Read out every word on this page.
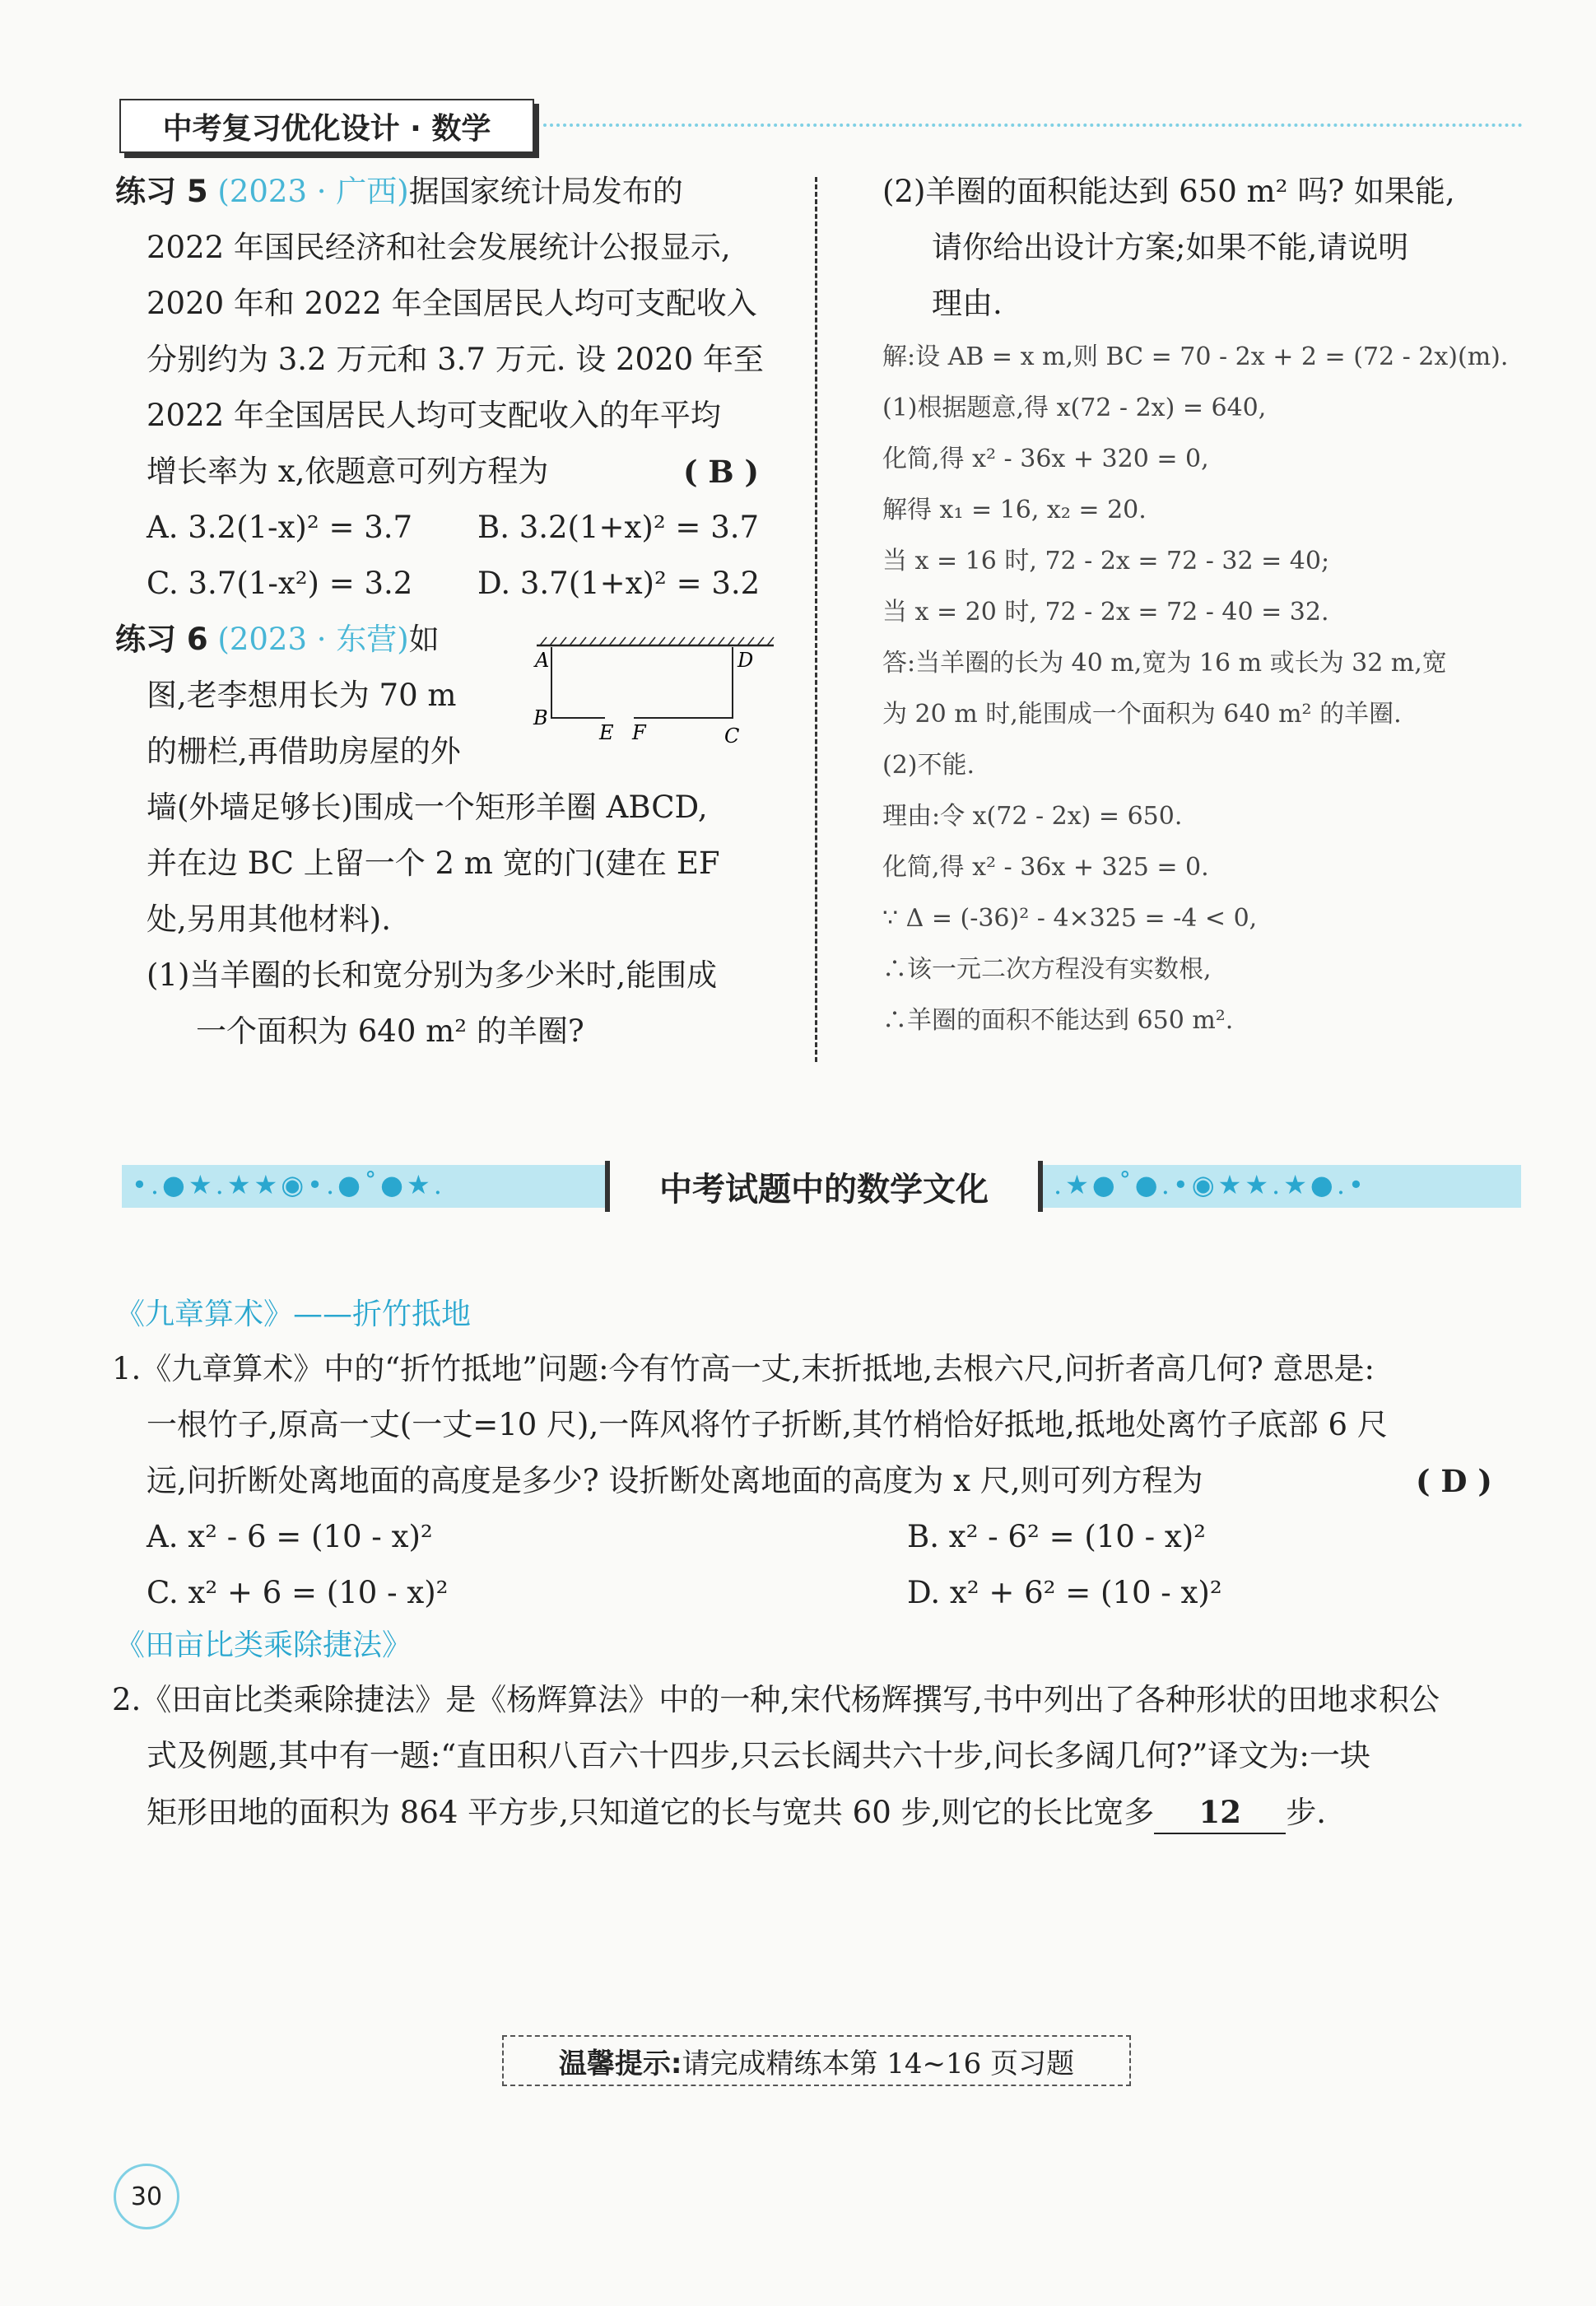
中考复习优化设计 · 数学
练习 5 (2023 · 广西)据国家统计局发布的
2022 年国民经济和社会发展统计公报显示,
2020 年和 2022 年全国居民人均可支配收入
分别约为 3.2 万元和 3.7 万元. 设 2020 年至
2022 年全国居民人均可支配收入的年平均
增长率为 x,依题意可列方程为	( B )
A. 3.2(1-x)² = 3.7 B. 3.2(1+x)² = 3.7
C. 3.7(1-x²) = 3.2 D. 3.7(1+x)² = 3.2
练习 6 (2023 · 东营)如
图,老李想用长为 70 m
的栅栏,再借助房屋的外
墙(外墙足够长)围成一个矩形羊圈 ABCD,
并在边 BC 上留一个 2 m 宽的门(建在 EF
处,另用其他材料).
(1)当羊圈的长和宽分别为多少米时,能围成
一个面积为 640 m² 的羊圈?
A	D
B
C
E F
(2)羊圈的面积能达到 650 m² 吗? 如果能,
请你给出设计方案;如果不能,请说明
理由.
解:设 AB = x m,则 BC = 70 - 2x + 2 = (72 - 2x)(m).
(1)根据题意,得 x(72 - 2x) = 640,
化简,得 x² - 36x + 320 = 0,
解得 x₁ = 16, x₂ = 20.
当 x = 16 时, 72 - 2x = 72 - 32 = 40;
当 x = 20 时, 72 - 2x = 72 - 40 = 32.
答:当羊圈的长为 40 m,宽为 16 m 或长为 32 m,宽
为 20 m 时,能围成一个面积为 640 m² 的羊圈.
(2)不能.
理由:令 x(72 - 2x) = 650.
化简,得 x² - 36x + 325 = 0.
∵ Δ = (-36)² - 4×325 = -4 < 0,
∴该一元二次方程没有实数根,
∴羊圈的面积不能达到 650 m².
•.●★.★★◉•.●˚●★.	.★●˚●.•◉★★.★●.•
中考试题中的数学文化
《九章算术》——折竹抵地
1.《九章算术》中的“折竹抵地”问题:今有竹高一丈,末折抵地,去根六尺,问折者高几何? 意思是:
一根竹子,原高一丈(一丈=10 尺),一阵风将竹子折断,其竹梢恰好抵地,抵地处离竹子底部 6 尺
远,问折断处离地面的高度是多少? 设折断处离地面的高度为 x 尺,则可列方程为	( D )
A. x² - 6 = (10 - x)²	B. x² - 6² = (10 - x)²
C. x² + 6 = (10 - x)²	D. x² + 6² = (10 - x)²
《田亩比类乘除捷法》
2.《田亩比类乘除捷法》是《杨辉算法》中的一种,宋代杨辉撰写,书中列出了各种形状的田地求积公
式及例题,其中有一题:“直田积八百六十四步,只云长阔共六十步,问长多阔几何?”译文为:一块
矩形田地的面积为 864 平方步,只知道它的长与宽共 60 步,则它的长比宽多 12 步.
温馨提示: 请完成精练本第 14~16 页习题
30
